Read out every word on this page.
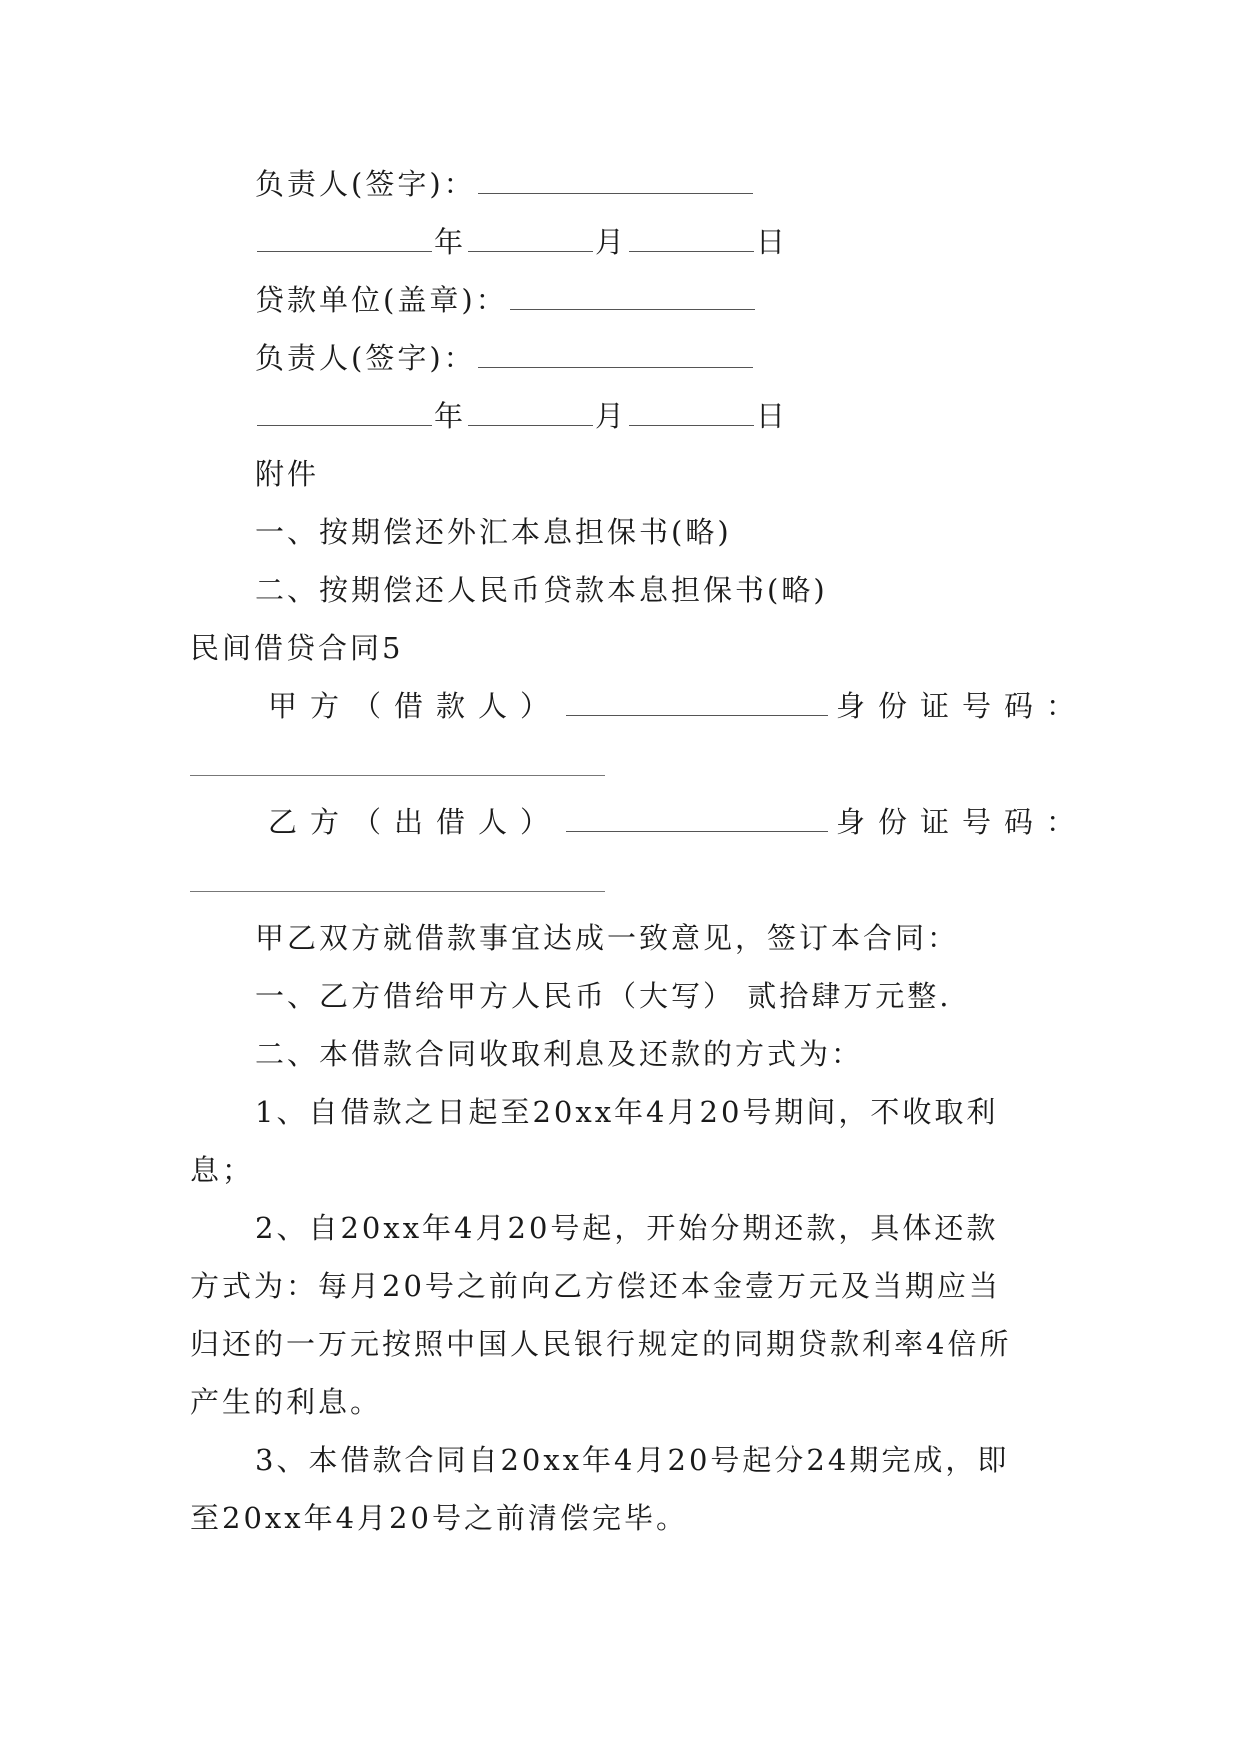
负责人(签字)：
年	月	日
贷款单位(盖章)：
负责人(签字)：
年	月	日
附件
一、按期偿还外汇本息担保书(略)
二、按期偿还人民币贷款本息担保书(略)
民间借贷合同5
甲方（借款人）	身份证号码：
乙方（出借人）	身份证号码：
甲乙双方就借款事宜达成一致意见，签订本合同：
一、乙方借给甲方人民币（大写） 贰拾肆万元整.
二、本借款合同收取利息及还款的方式为：
1、自借款之日起至20xx年4月20号期间，不收取利
息；
2、自20xx年4月20号起，开始分期还款，具体还款
方式为：每月20号之前向乙方偿还本金壹万元及当期应当
归还的一万元按照中国人民银行规定的同期贷款利率4倍所
产生的利息。
3、本借款合同自20xx年4月20号起分24期完成，即
至20xx年4月20号之前清偿完毕。
